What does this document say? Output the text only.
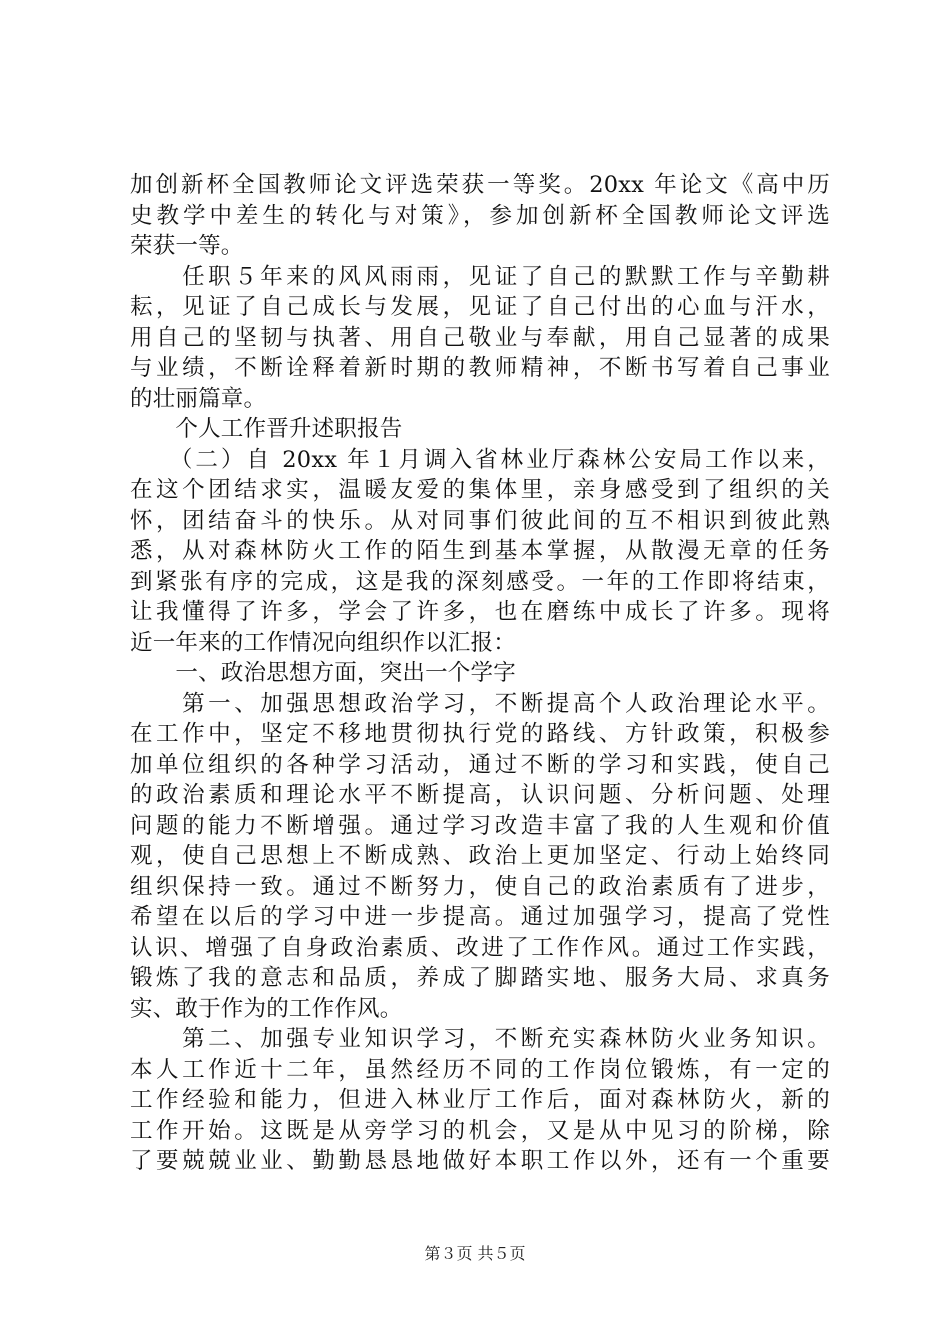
加创新杯全国教师论文评选荣获一等奖。20xx 年论文《高中历
史教学中差生的转化与对策》，参加创新杯全国教师论文评选
荣获一等。
　　任职５年来的风风雨雨，见证了自己的默默工作与辛勤耕
耘，见证了自己成长与发展，见证了自己付出的心血与汗水，
用自己的坚韧与执著、用自己敬业与奉献，用自己显著的成果
与业绩，不断诠释着新时期的教师精神，不断书写着自己事业
的壮丽篇章。
　　个人工作晋升述职报告
　　（二）自 20xx 年１月调入省林业厅森林公安局工作以来，
在这个团结求实，温暖友爱的集体里，亲身感受到了组织的关
怀，团结奋斗的快乐。从对同事们彼此间的互不相识到彼此熟
悉，从对森林防火工作的陌生到基本掌握，从散漫无章的任务
到紧张有序的完成，这是我的深刻感受。一年的工作即将结束，
让我懂得了许多，学会了许多，也在磨练中成长了许多。现将
近一年来的工作情况向组织作以汇报：
　　一、政治思想方面，突出一个学字
　　第一、加强思想政治学习，不断提高个人政治理论水平。
在工作中，坚定不移地贯彻执行党的路线、方针政策，积极参
加单位组织的各种学习活动，通过不断的学习和实践，使自己
的政治素质和理论水平不断提高，认识问题、分析问题、处理
问题的能力不断增强。通过学习改造丰富了我的人生观和价值
观，使自己思想上不断成熟、政治上更加坚定、行动上始终同
组织保持一致。通过不断努力，使自己的政治素质有了进步，
希望在以后的学习中进一步提高。通过加强学习，提高了党性
认识、增强了自身政治素质、改进了工作作风。通过工作实践，
锻炼了我的意志和品质，养成了脚踏实地、服务大局、求真务
实、敢于作为的工作作风。
　　第二、加强专业知识学习，不断充实森林防火业务知识。
本人工作近十二年，虽然经历不同的工作岗位锻炼，有一定的
工作经验和能力，但进入林业厅工作后，面对森林防火，新的
工作开始。这既是从旁学习的机会，又是从中见习的阶梯，除
了要兢兢业业、勤勤恳恳地做好本职工作以外，还有一个重要
第３页 共５页
